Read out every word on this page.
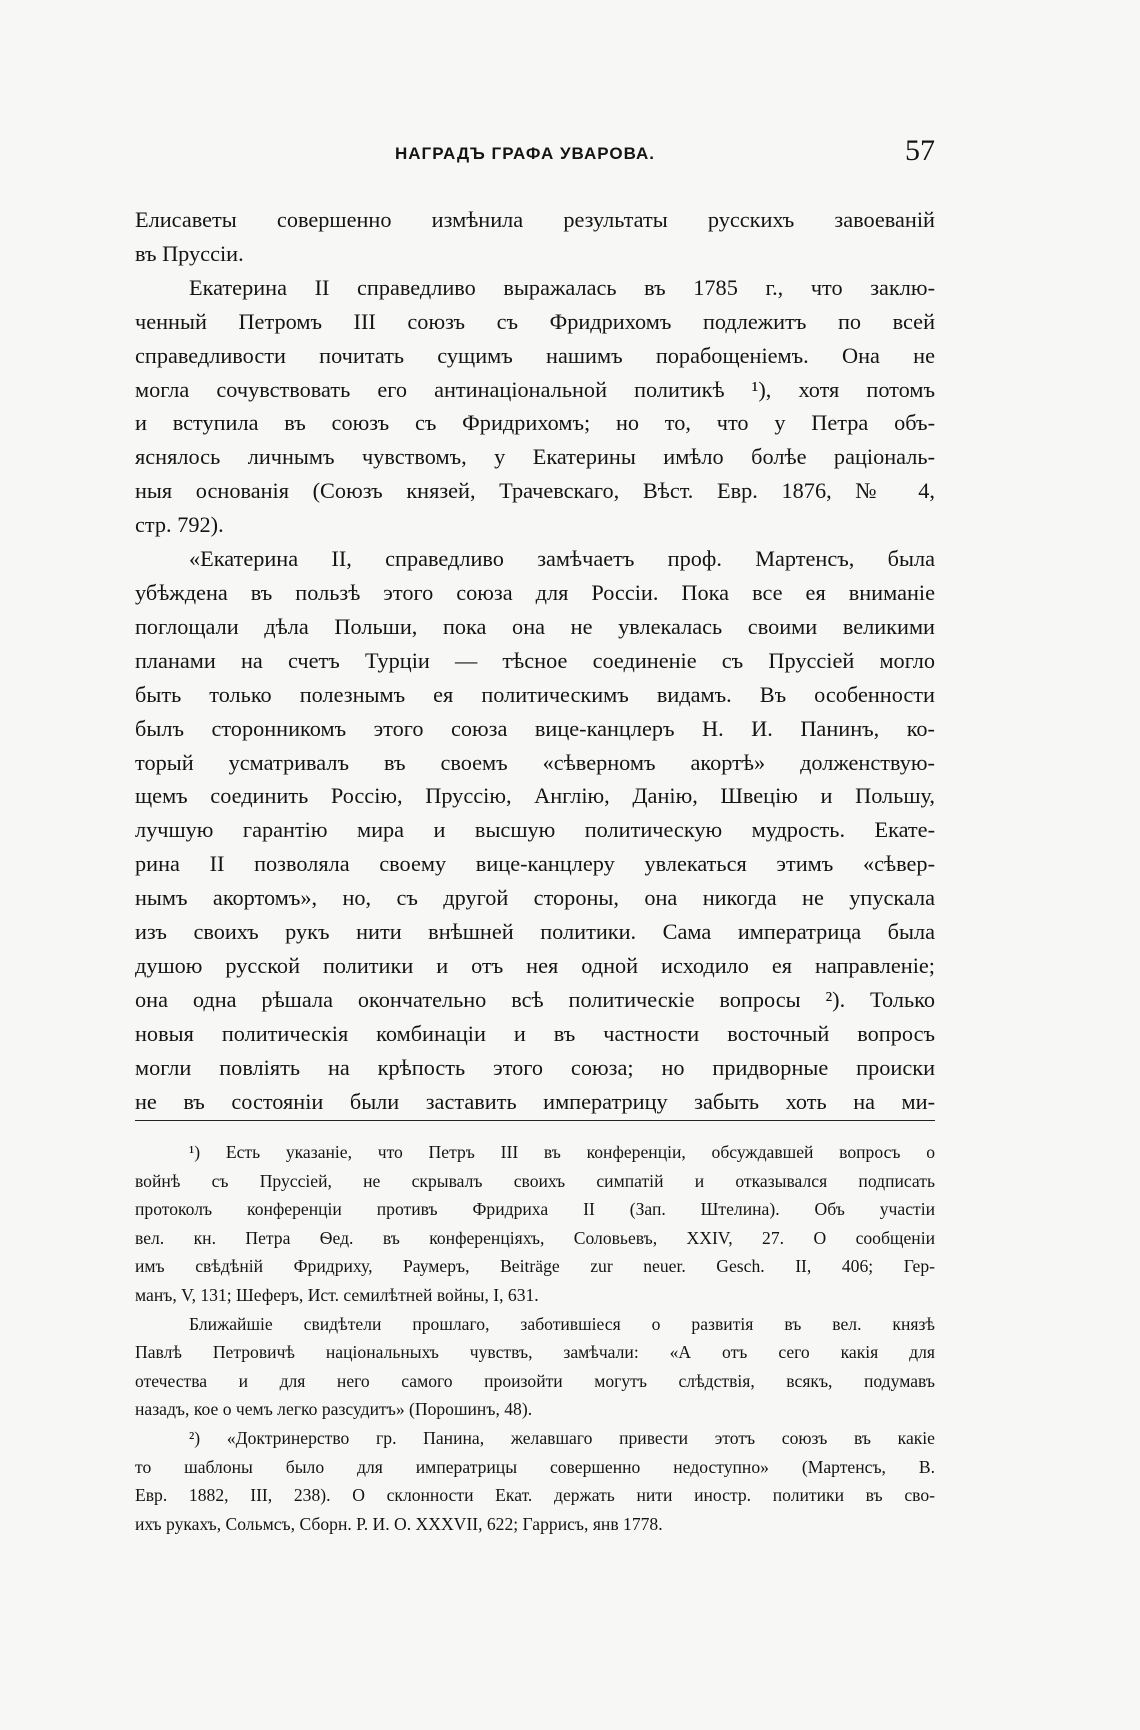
НАГРАДЪ ГРАФА УВАРОВА.	57
Елисаветы совершенно измѣнила результаты русскихъ завоеваній
въ Пруссіи.
Екатерина II справедливо выражалась въ 1785 г., что заклю-
ченный Петромъ III союзъ съ Фридрихомъ подлежитъ по всей
справедливости почитать сущимъ нашимъ порабощеніемъ. Она не
могла сочувствовать его антинаціональной политикѣ ¹), хотя потомъ
и вступила въ союзъ съ Фридрихомъ; но то, что у Петра объ-
яснялось личнымъ чувствомъ, у Екатерины имѣло болѣе раціональ-
ныя основанія (Союзъ князей, Трачевскаго, Вѣст. Евр. 1876, № 4,
стр. 792).
«Екатерина II, справедливо замѣчаетъ проф. Мартенсъ, была
убѣждена въ пользѣ этого союза для Россіи. Пока все ея вниманіе
поглощали дѣла Польши, пока она не увлекалась своими великими
планами на счетъ Турціи — тѣсное соединеніе съ Пруссіей могло
быть только полезнымъ ея политическимъ видамъ. Въ особенности
былъ сторонникомъ этого союза вице-канцлеръ Н. И. Панинъ, ко-
торый усматривалъ въ своемъ «сѣверномъ акортѣ» долженствую-
щемъ соединить Россію, Пруссію, Англію, Данію, Швецію и Польшу,
лучшую гарантію мира и высшую политическую мудрость. Екате-
рина II позволяла своему вице-канцлеру увлекаться этимъ «сѣвер-
нымъ акортомъ», но, съ другой стороны, она никогда не упускала
изъ своихъ рукъ нити внѣшней политики. Сама императрица была
душою русской политики и отъ нея одной исходило ея направленіе;
она одна рѣшала окончательно всѣ политическіе вопросы ²). Только
новыя политическія комбинаціи и въ частности восточный вопросъ
могли повліять на крѣпость этого союза; но придворные происки
не въ состояніи были заставить императрицу забыть хоть на ми-
¹) Есть указаніе, что Петръ III въ конференціи, обсуждавшей вопросъ о
войнѣ съ Пруссіей, не скрывалъ своихъ симпатій и отказывался подписать
протоколъ конференціи противъ Фридриха II (Зап. Штелина). Объ участіи
вел. кн. Петра Ѳед. въ конференціяхъ, Соловьевъ, XXIV, 27. О сообщеніи
имъ свѣдѣній Фридриху, Раумеръ, Beiträge zur neuer. Gesch. II, 406; Гер-
манъ, V, 131; Шеферъ, Ист. семилѣтней войны, I, 631.
Ближайшіе свидѣтели прошлаго, заботившіеся о развитія въ вел. князѣ
Павлѣ Петровичѣ національныхъ чувствъ, замѣчали: «А отъ сего какія для
отечества и для него самого произойти могутъ слѣдствія, всякъ, подумавъ
назадъ, кое о чемъ легко разсудитъ» (Порошинъ, 48).
²) «Доктринерство гр. Панина, желавшаго привести этотъ союзъ въ какіе
то шаблоны было для императрицы совершенно недоступно» (Мартенсъ, В.
Евр. 1882, III, 238). О склонности Екат. держать нити иностр. политики въ сво-
ихъ рукахъ, Сольмсъ, Сборн. Р. И. О. XXXVII, 622; Гаррисъ, янв 1778.
